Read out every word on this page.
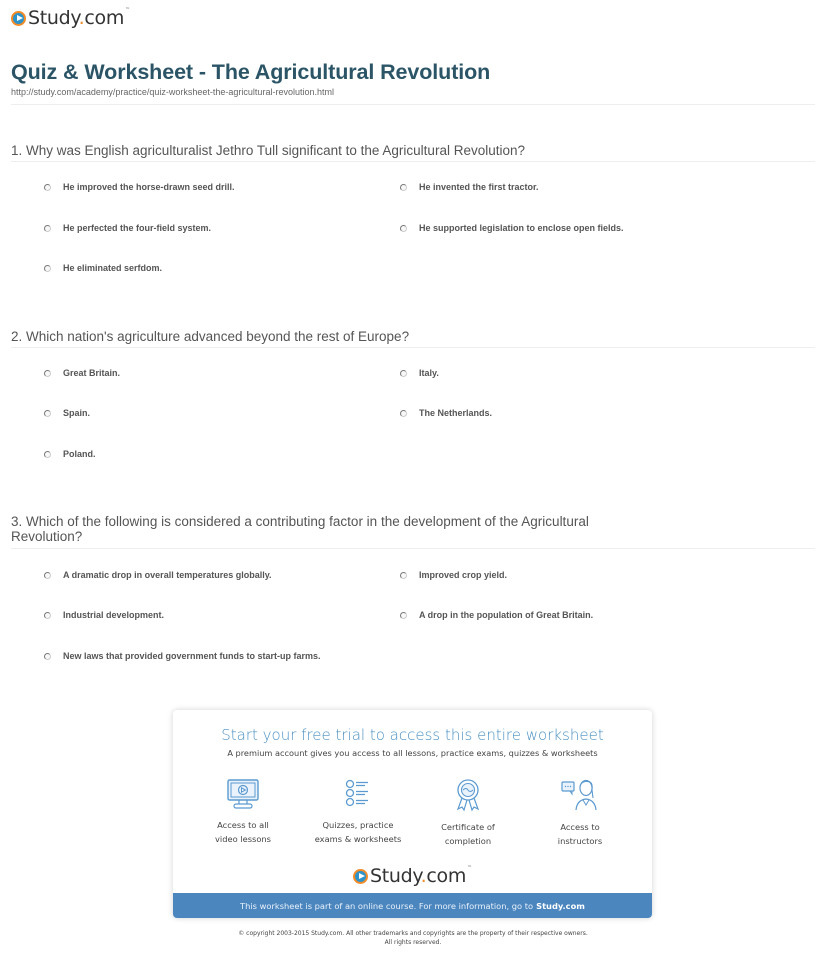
Study.com™
Quiz & Worksheet - The Agricultural Revolution
http://study.com/academy/practice/quiz-worksheet-the-agricultural-revolution.html
1. Why was English agriculturalist Jethro Tull significant to the Agricultural Revolution?
He improved the horse-drawn seed drill.	He invented the first tractor.
He perfected the four-field system.	He supported legislation to enclose open fields.
He eliminated serfdom.
2. Which nation's agriculture advanced beyond the rest of Europe?
Great Britain.	Italy.
Spain.	The Netherlands.
Poland.
3. Which of the following is considered a contributing factor in the development of the Agricultural Revolution?
A dramatic drop in overall temperatures globally.	Improved crop yield.
Industrial development.	A drop in the population of Great Britain.
New laws that provided government funds to start-up farms.
Start your free trial to access this entire worksheet
A premium account gives you access to all lessons, practice exams, quizzes & worksheets
Access to all
video lessons
Quizzes, practice
exams & worksheets
Certificate of
completion
Access to
instructors
Study.com™
This worksheet is part of an online course. For more information, go to Study.com
© copyright 2003-2015 Study.com. All other trademarks and copyrights are the property of their respective owners.
All rights reserved.
